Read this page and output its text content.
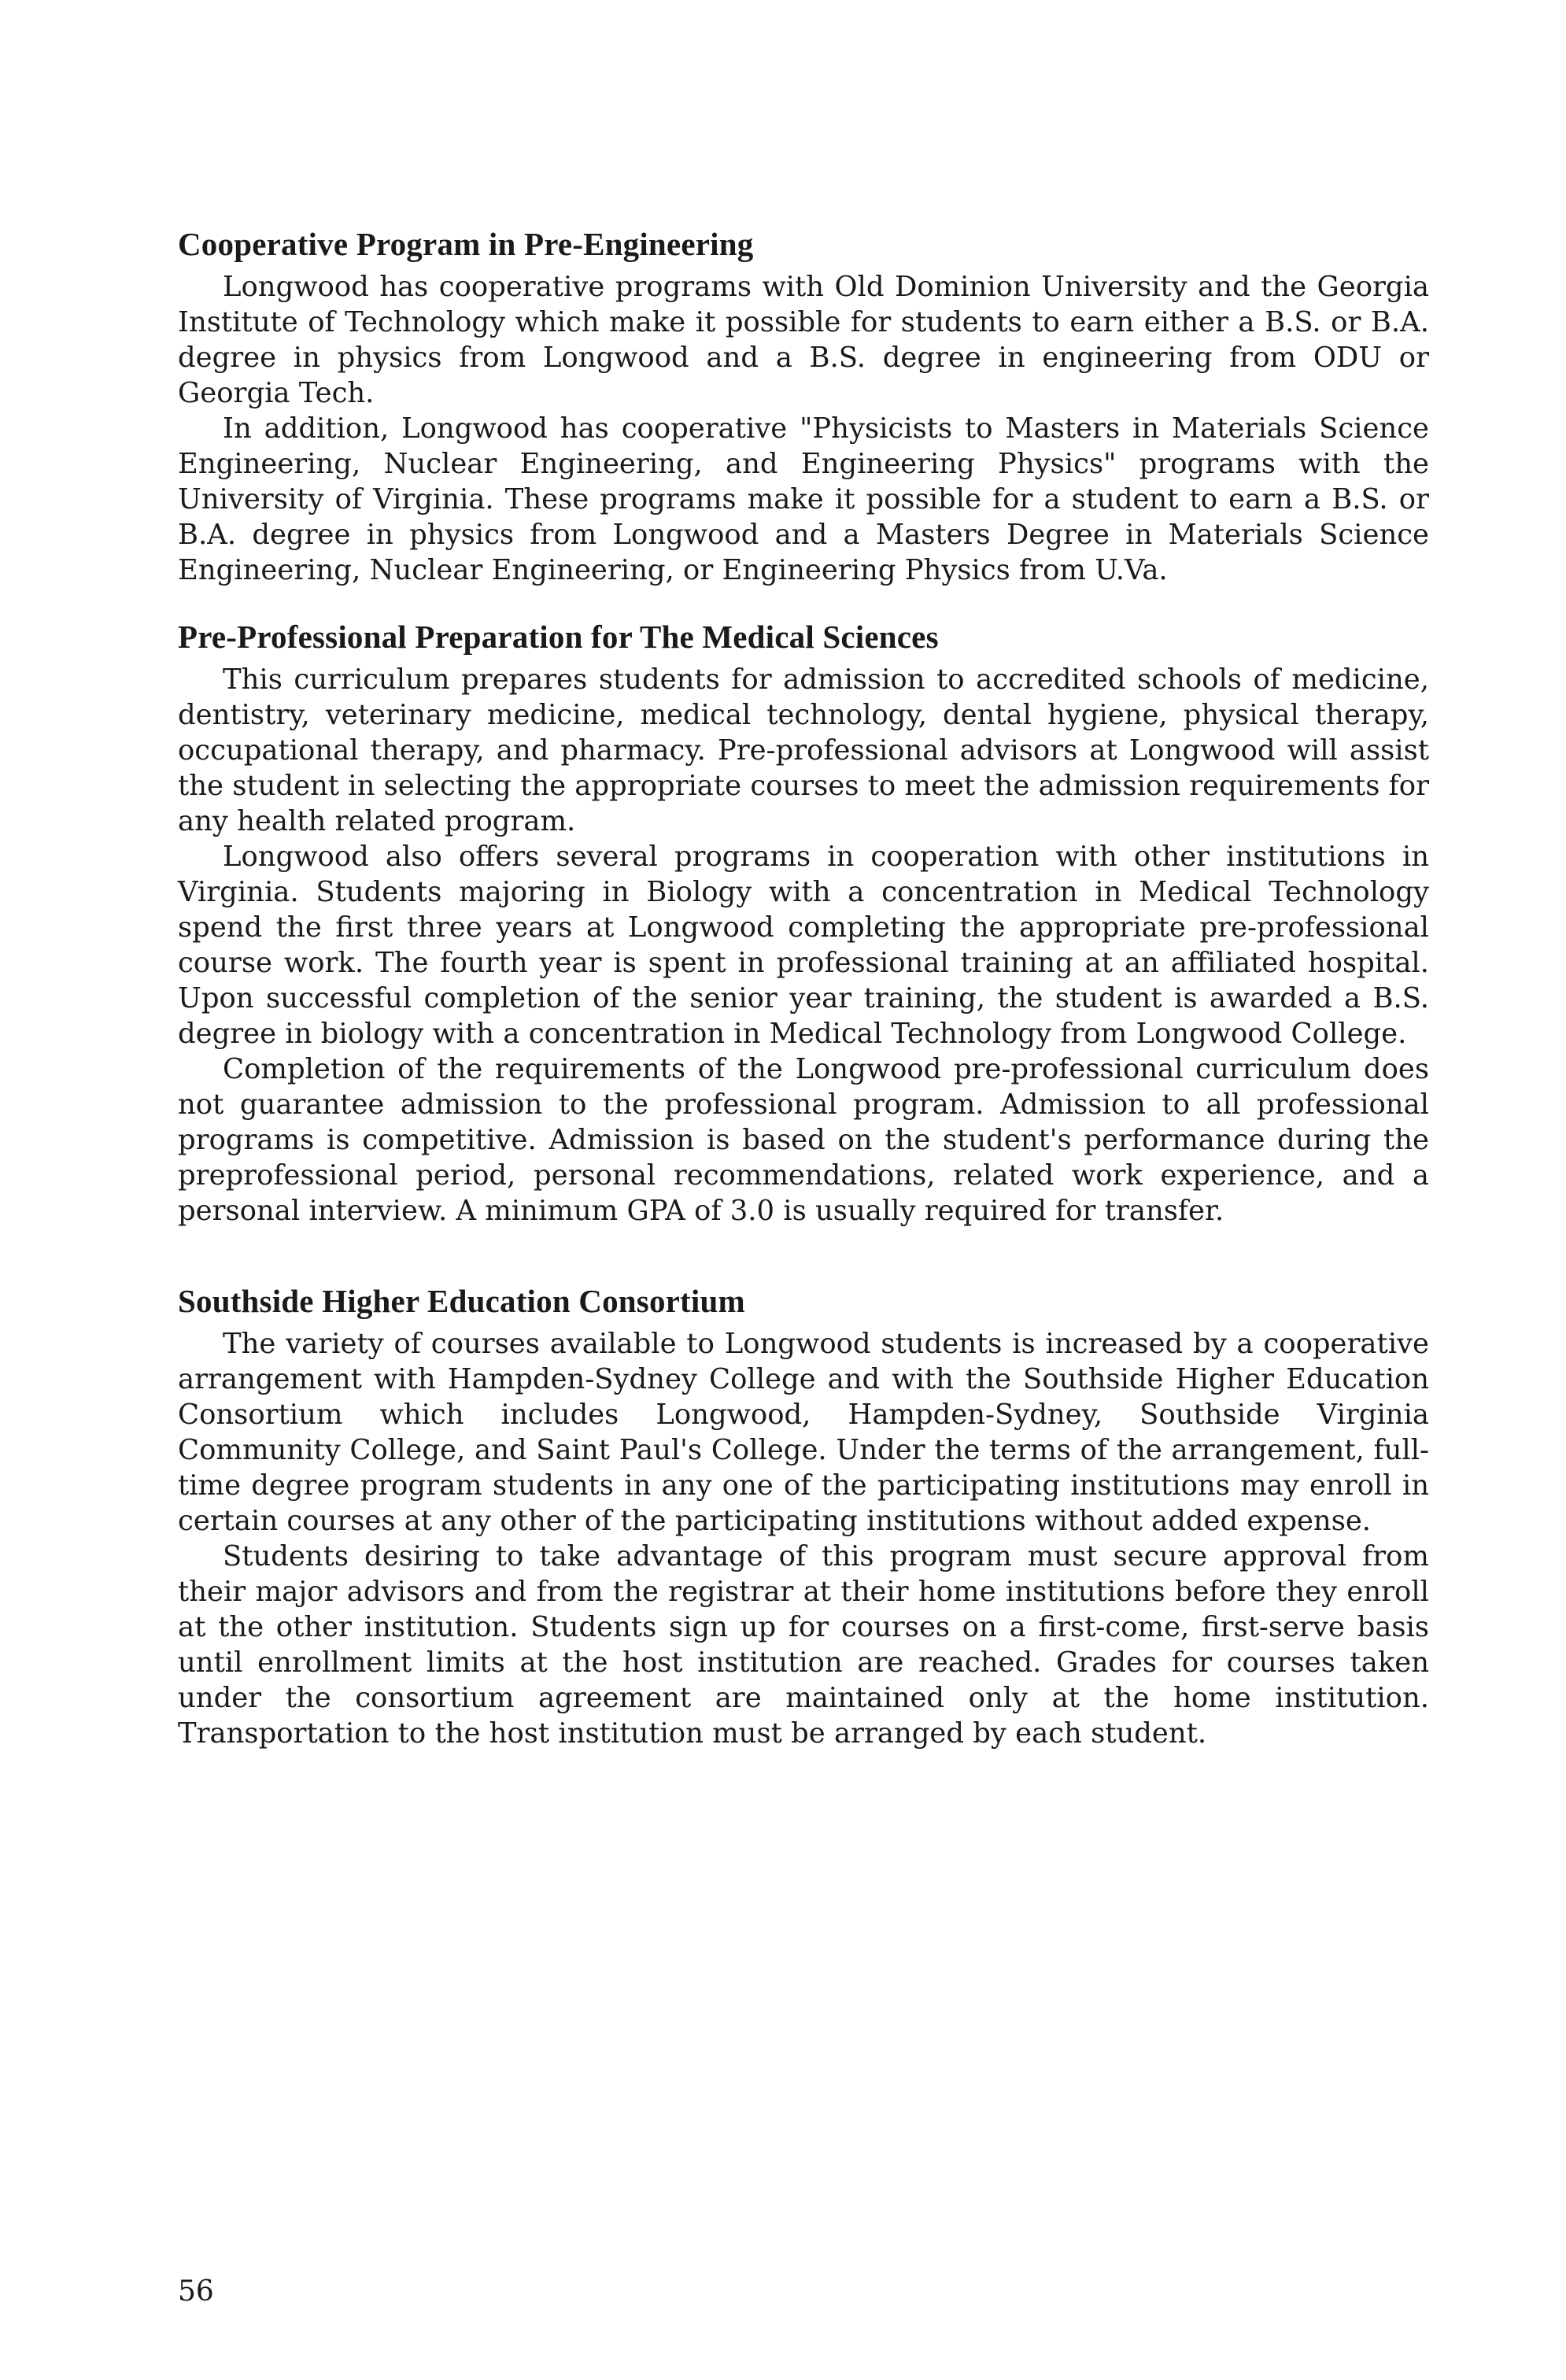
Cooperative Program in Pre-Engineering

Longwood has cooperative programs with Old Dominion University and the Georgia Institute of Technology which make it possible for students to earn either a B.S. or B.A. degree in physics from Longwood and a B.S. degree in engineering from ODU or Georgia Tech.

In addition, Longwood has cooperative "Physicists to Masters in Materials Science Engineering, Nuclear Engineering, and Engineering Physics" programs with the University of Virginia. These programs make it possible for a student to earn a B.S. or B.A. degree in physics from Longwood and a Masters Degree in Materials Science Engineering, Nuclear Engineering, or Engineering Physics from U.Va.

Pre-Professional Preparation for The Medical Sciences

This curriculum prepares students for admission to accredited schools of medicine, dentistry, veterinary medicine, medical technology, dental hygiene, physical therapy, occupational therapy, and pharmacy. Pre-professional advisors at Longwood will assist the student in selecting the appropriate courses to meet the admission requirements for any health related program.

Longwood also offers several programs in cooperation with other institutions in Virginia. Students majoring in Biology with a concentration in Medical Technology spend the first three years at Longwood completing the appropriate pre-professional course work. The fourth year is spent in professional training at an affiliated hospital. Upon successful completion of the senior year training, the student is awarded a B.S. degree in biology with a concentration in Medical Technology from Longwood College.

Completion of the requirements of the Longwood pre-professional curriculum does not guarantee admission to the professional program. Admission to all professional programs is competitive. Admission is based on the student's performance during the preprofessional period, personal recommendations, related work experience, and a personal interview. A minimum GPA of 3.0 is usually required for transfer.

Southside Higher Education Consortium

The variety of courses available to Longwood students is increased by a cooperative arrangement with Hampden-Sydney College and with the Southside Higher Education Consortium which includes Longwood, Hampden-Sydney, Southside Virginia Community College, and Saint Paul's College. Under the terms of the arrangement, full-time degree program students in any one of the participating institutions may enroll in certain courses at any other of the participating institutions without added expense.

Students desiring to take advantage of this program must secure approval from their major advisors and from the registrar at their home institutions before they enroll at the other institution. Students sign up for courses on a first-come, first-serve basis until enrollment limits at the host institution are reached. Grades for courses taken under the consortium agreement are maintained only at the home institution. Transportation to the host institution must be arranged by each student.

56
